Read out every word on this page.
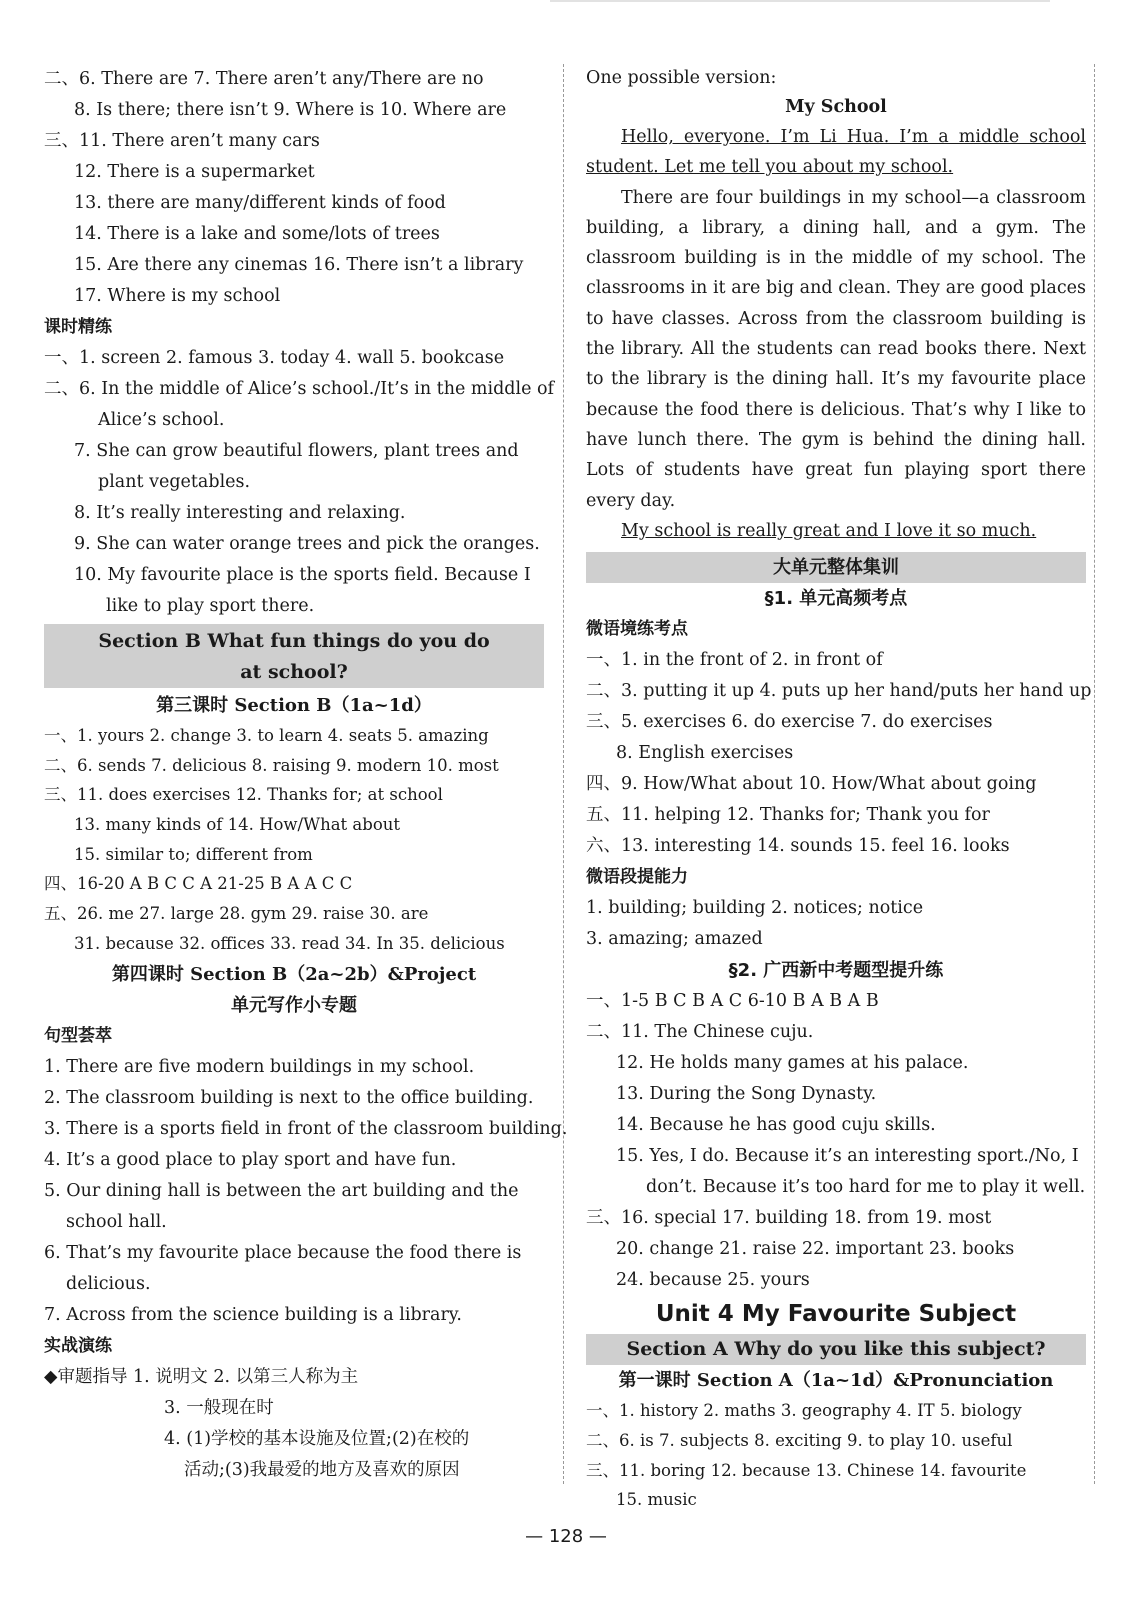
二、6. There are 7. There aren’t any/There are no
8. Is there; there isn’t 9. Where is 10. Where are
三、11. There aren’t many cars
12. There is a supermarket
13. there are many/different kinds of food
14. There is a lake and some/lots of trees
15. Are there any cinemas 16. There isn’t a library
17. Where is my school
课时精练
一、1. screen 2. famous 3. today 4. wall 5. bookcase
二、6. In the middle of Alice’s school./It’s in the middle of
Alice’s school.
7. She can grow beautiful flowers, plant trees and
plant vegetables.
8. It’s really interesting and relaxing.
9. She can water orange trees and pick the oranges.
10. My favourite place is the sports field. Because I
like to play sport there.
Section B What fun things do you do
at school?
第三课时 Section B（1a~1d）
一、1. yours 2. change 3. to learn 4. seats 5. amazing
二、6. sends 7. delicious 8. raising 9. modern 10. most
三、11. does exercises 12. Thanks for; at school
13. many kinds of 14. How/What about
15. similar to; different from
四、16-20 A B C C A 21-25 B A A C C
五、26. me 27. large 28. gym 29. raise 30. are
31. because 32. offices 33. read 34. In 35. delicious
第四课时 Section B（2a~2b）&Project
单元写作小专题
句型荟萃
1. There are five modern buildings in my school.
2. The classroom building is next to the office building.
3. There is a sports field in front of the classroom building.
4. It’s a good place to play sport and have fun.
5. Our dining hall is between the art building and the
school hall.
6. That’s my favourite place because the food there is
delicious.
7. Across from the science building is a library.
实战演练
◆审题指导 1. 说明文 2. 以第三人称为主
3. 一般现在时
4. (1)学校的基本设施及位置;(2)在校的
活动;(3)我最爱的地方及喜欢的原因
One possible version:
My School

Hello, everyone. I’m Li Hua. I’m a middle school student. Let me tell you about my school.

There are four buildings in my school—a classroom building, a library, a dining hall, and a gym. The classroom building is in the middle of my school. The classrooms in it are big and clean. They are good places to have classes. Across from the classroom building is the library. All the students can read books there. Next to the library is the dining hall. It’s my favourite place because the food there is delicious. That’s why I like to have lunch there. The gym is behind the dining hall. Lots of students have great fun playing sport there every day.

My school is really great and I love it so much.

大单元整体集训
§1. 单元高频考点
微语境练考点
一、1. in the front of 2. in front of
二、3. putting it up 4. puts up her hand/puts her hand up
三、5. exercises 6. do exercise 7. do exercises
8. English exercises
四、9. How/What about 10. How/What about going
五、11. helping 12. Thanks for; Thank you for
六、13. interesting 14. sounds 15. feel 16. looks
微语段提能力
1. building; building 2. notices; notice
3. amazing; amazed
§2. 广西新中考题型提升练
一、1-5 B C B A C 6-10 B A B A B
二、11. The Chinese cuju.
12. He holds many games at his palace.
13. During the Song Dynasty.
14. Because he has good cuju skills.
15. Yes, I do. Because it’s an interesting sport./No, I
don’t. Because it’s too hard for me to play it well.
三、16. special 17. building 18. from 19. most
20. change 21. raise 22. important 23. books
24. because 25. yours
Unit 4 My Favourite Subject
Section A Why do you like this subject?
第一课时 Section A（1a~1d）&Pronunciation
一、1. history 2. maths 3. geography 4. IT 5. biology
二、6. is 7. subjects 8. exciting 9. to play 10. useful
三、11. boring 12. because 13. Chinese 14. favourite
15. music
— 128 —
